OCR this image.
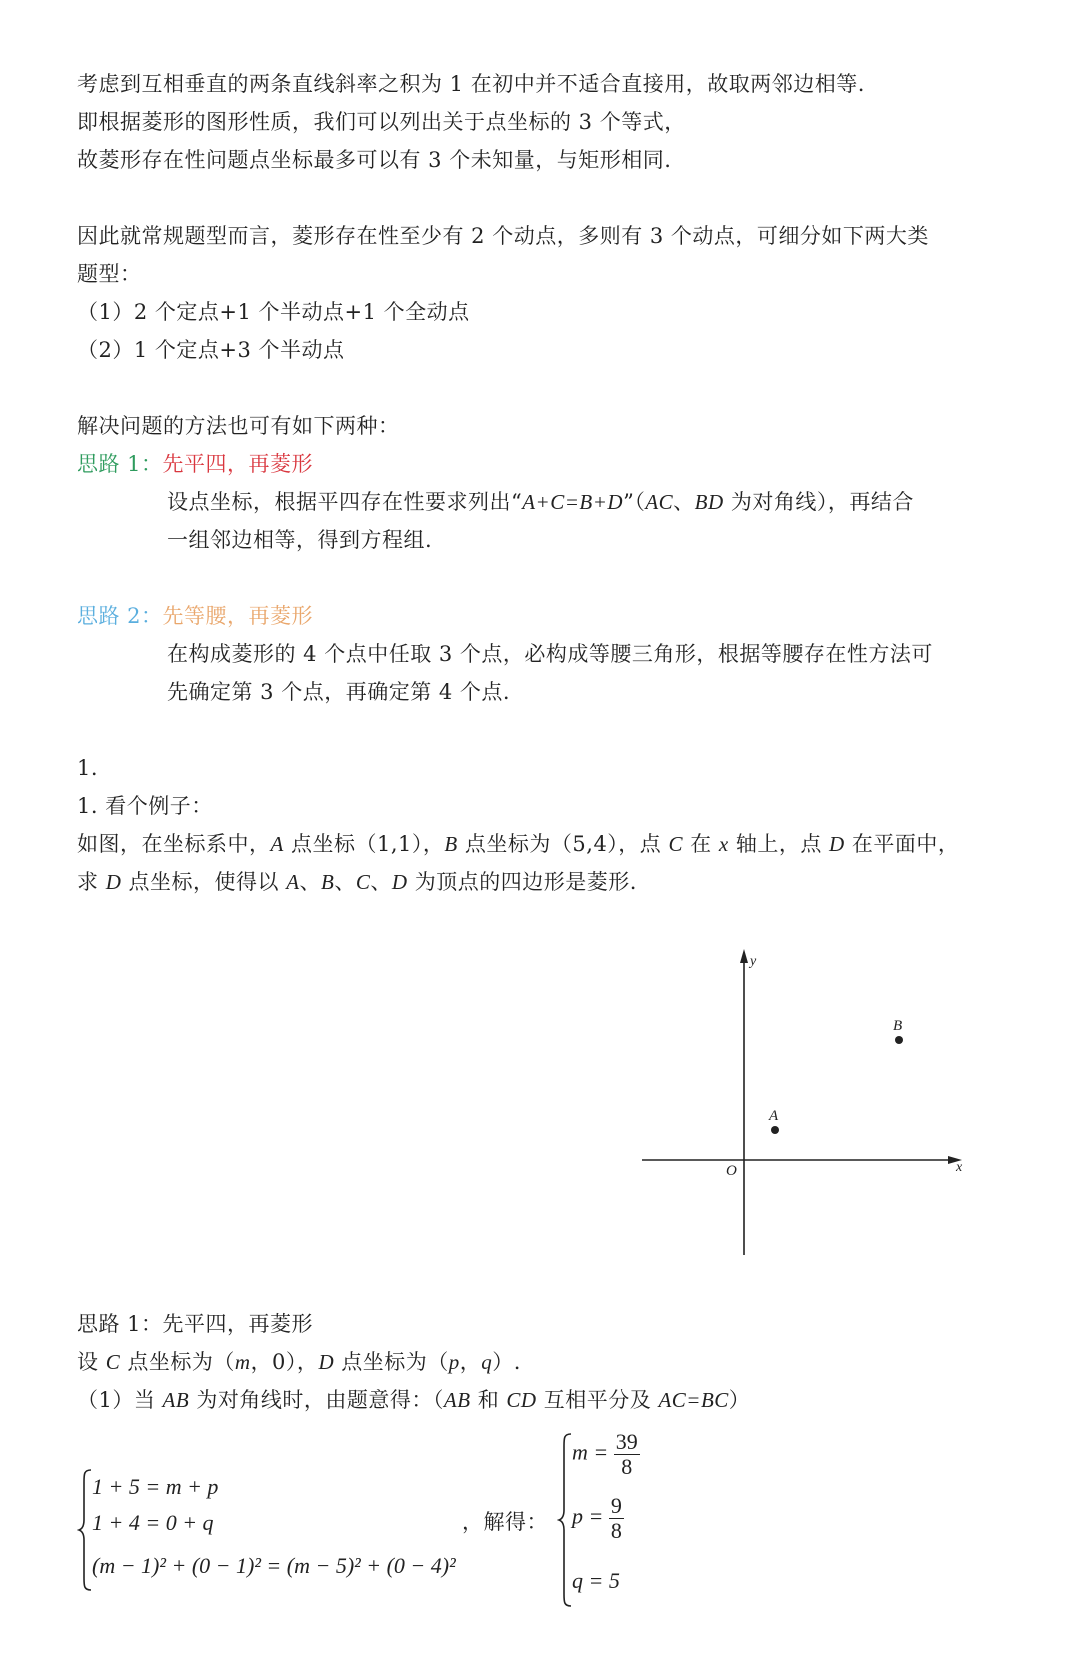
考虑到互相垂直的两条直线斜率之积为 1 在初中并不适合直接用，故取两邻边相等.
即根据菱形的图形性质，我们可以列出关于点坐标的 3 个等式，
故菱形存在性问题点坐标最多可以有 3 个未知量，与矩形相同.
因此就常规题型而言，菱形存在性至少有 2 个动点，多则有 3 个动点，可细分如下两大类
题型：
（1）2 个定点+1 个半动点+1 个全动点
（2）1 个定点+3 个半动点
解决问题的方法也可有如下两种：
思路 1：先平四，再菱形
设点坐标，根据平四存在性要求列出“A+C=B+D”（AC、BD 为对角线），再结合
一组邻边相等，得到方程组.
思路 2：先等腰，再菱形
在构成菱形的 4 个点中任取 3 个点，必构成等腰三角形，根据等腰存在性方法可
先确定第 3 个点，再确定第 4 个点.
1.
1. 看个例子：
如图，在坐标系中，A 点坐标（1,1），B 点坐标为（5,4），点 C 在 x 轴上，点 D 在平面中，
求 D 点坐标，使得以 A、B、C、D 为顶点的四边形是菱形.
x
y
O
A
B
思路 1：先平四，再菱形
设 C 点坐标为（m，0），D 点坐标为（p，q）.
（1）当 AB 为对角线时，由题意得：（AB 和 CD 互相平分及 AC=BC）
1 + 5 = m + p
1 + 4 = 0 + q
(m − 1)² + (0 − 1)² = (m − 5)² + (0 − 4)²
，解得：
$m = \frac{39}{8}$
$p = \frac{9}{8}$
q = 5
